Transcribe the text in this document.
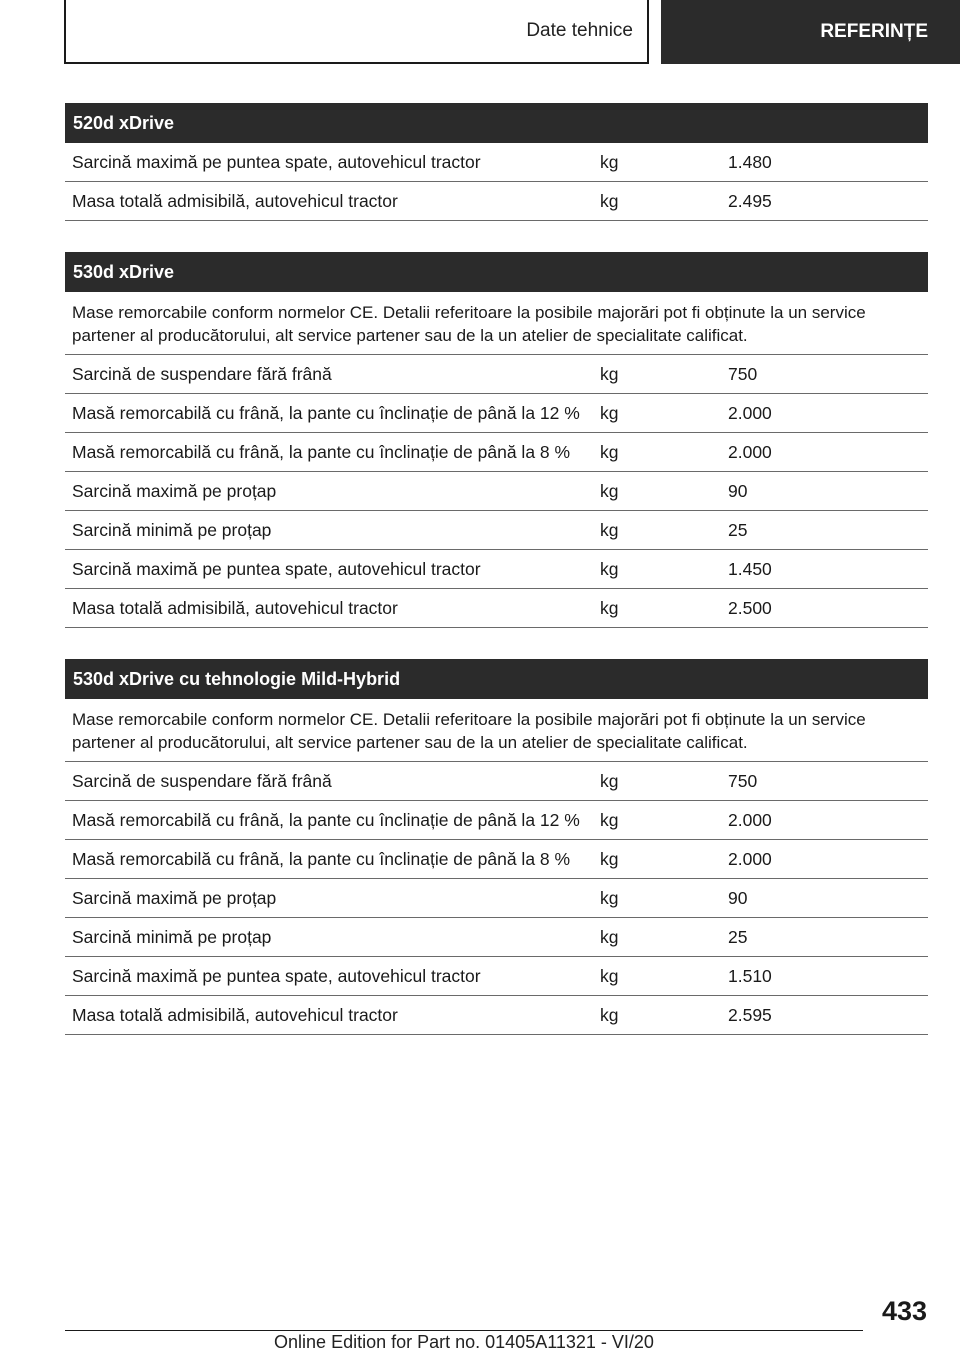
Date tehnice	REFERINȚE
520d xDrive
Sarcină maximă pe puntea spate, autovehicul tractor	kg	1.480
Masa totală admisibilă, autovehicul tractor	kg	2.495
530d xDrive
Mase remorcabile conform normelor CE. Detalii referitoare la posibile majorări pot fi obținute la un service partener al producătorului, alt service partener sau de la un atelier de specialitate calificat.
Sarcină de suspendare fără frână	kg	750
Masă remorcabilă cu frână, la pante cu înclinație de până la 12 %	kg	2.000
Masă remorcabilă cu frână, la pante cu înclinație de până la 8 %	kg	2.000
Sarcină maximă pe proțap	kg	90
Sarcină minimă pe proțap	kg	25
Sarcină maximă pe puntea spate, autovehicul tractor	kg	1.450
Masa totală admisibilă, autovehicul tractor	kg	2.500
530d xDrive cu tehnologie Mild-Hybrid
Mase remorcabile conform normelor CE. Detalii referitoare la posibile majorări pot fi obținute la un service partener al producătorului, alt service partener sau de la un atelier de specialitate calificat.
Sarcină de suspendare fără frână	kg	750
Masă remorcabilă cu frână, la pante cu înclinație de până la 12 %	kg	2.000
Masă remorcabilă cu frână, la pante cu înclinație de până la 8 %	kg	2.000
Sarcină maximă pe proțap	kg	90
Sarcină minimă pe proțap	kg	25
Sarcină maximă pe puntea spate, autovehicul tractor	kg	1.510
Masa totală admisibilă, autovehicul tractor	kg	2.595
433
Online Edition for Part no. 01405A11321 - VI/20
